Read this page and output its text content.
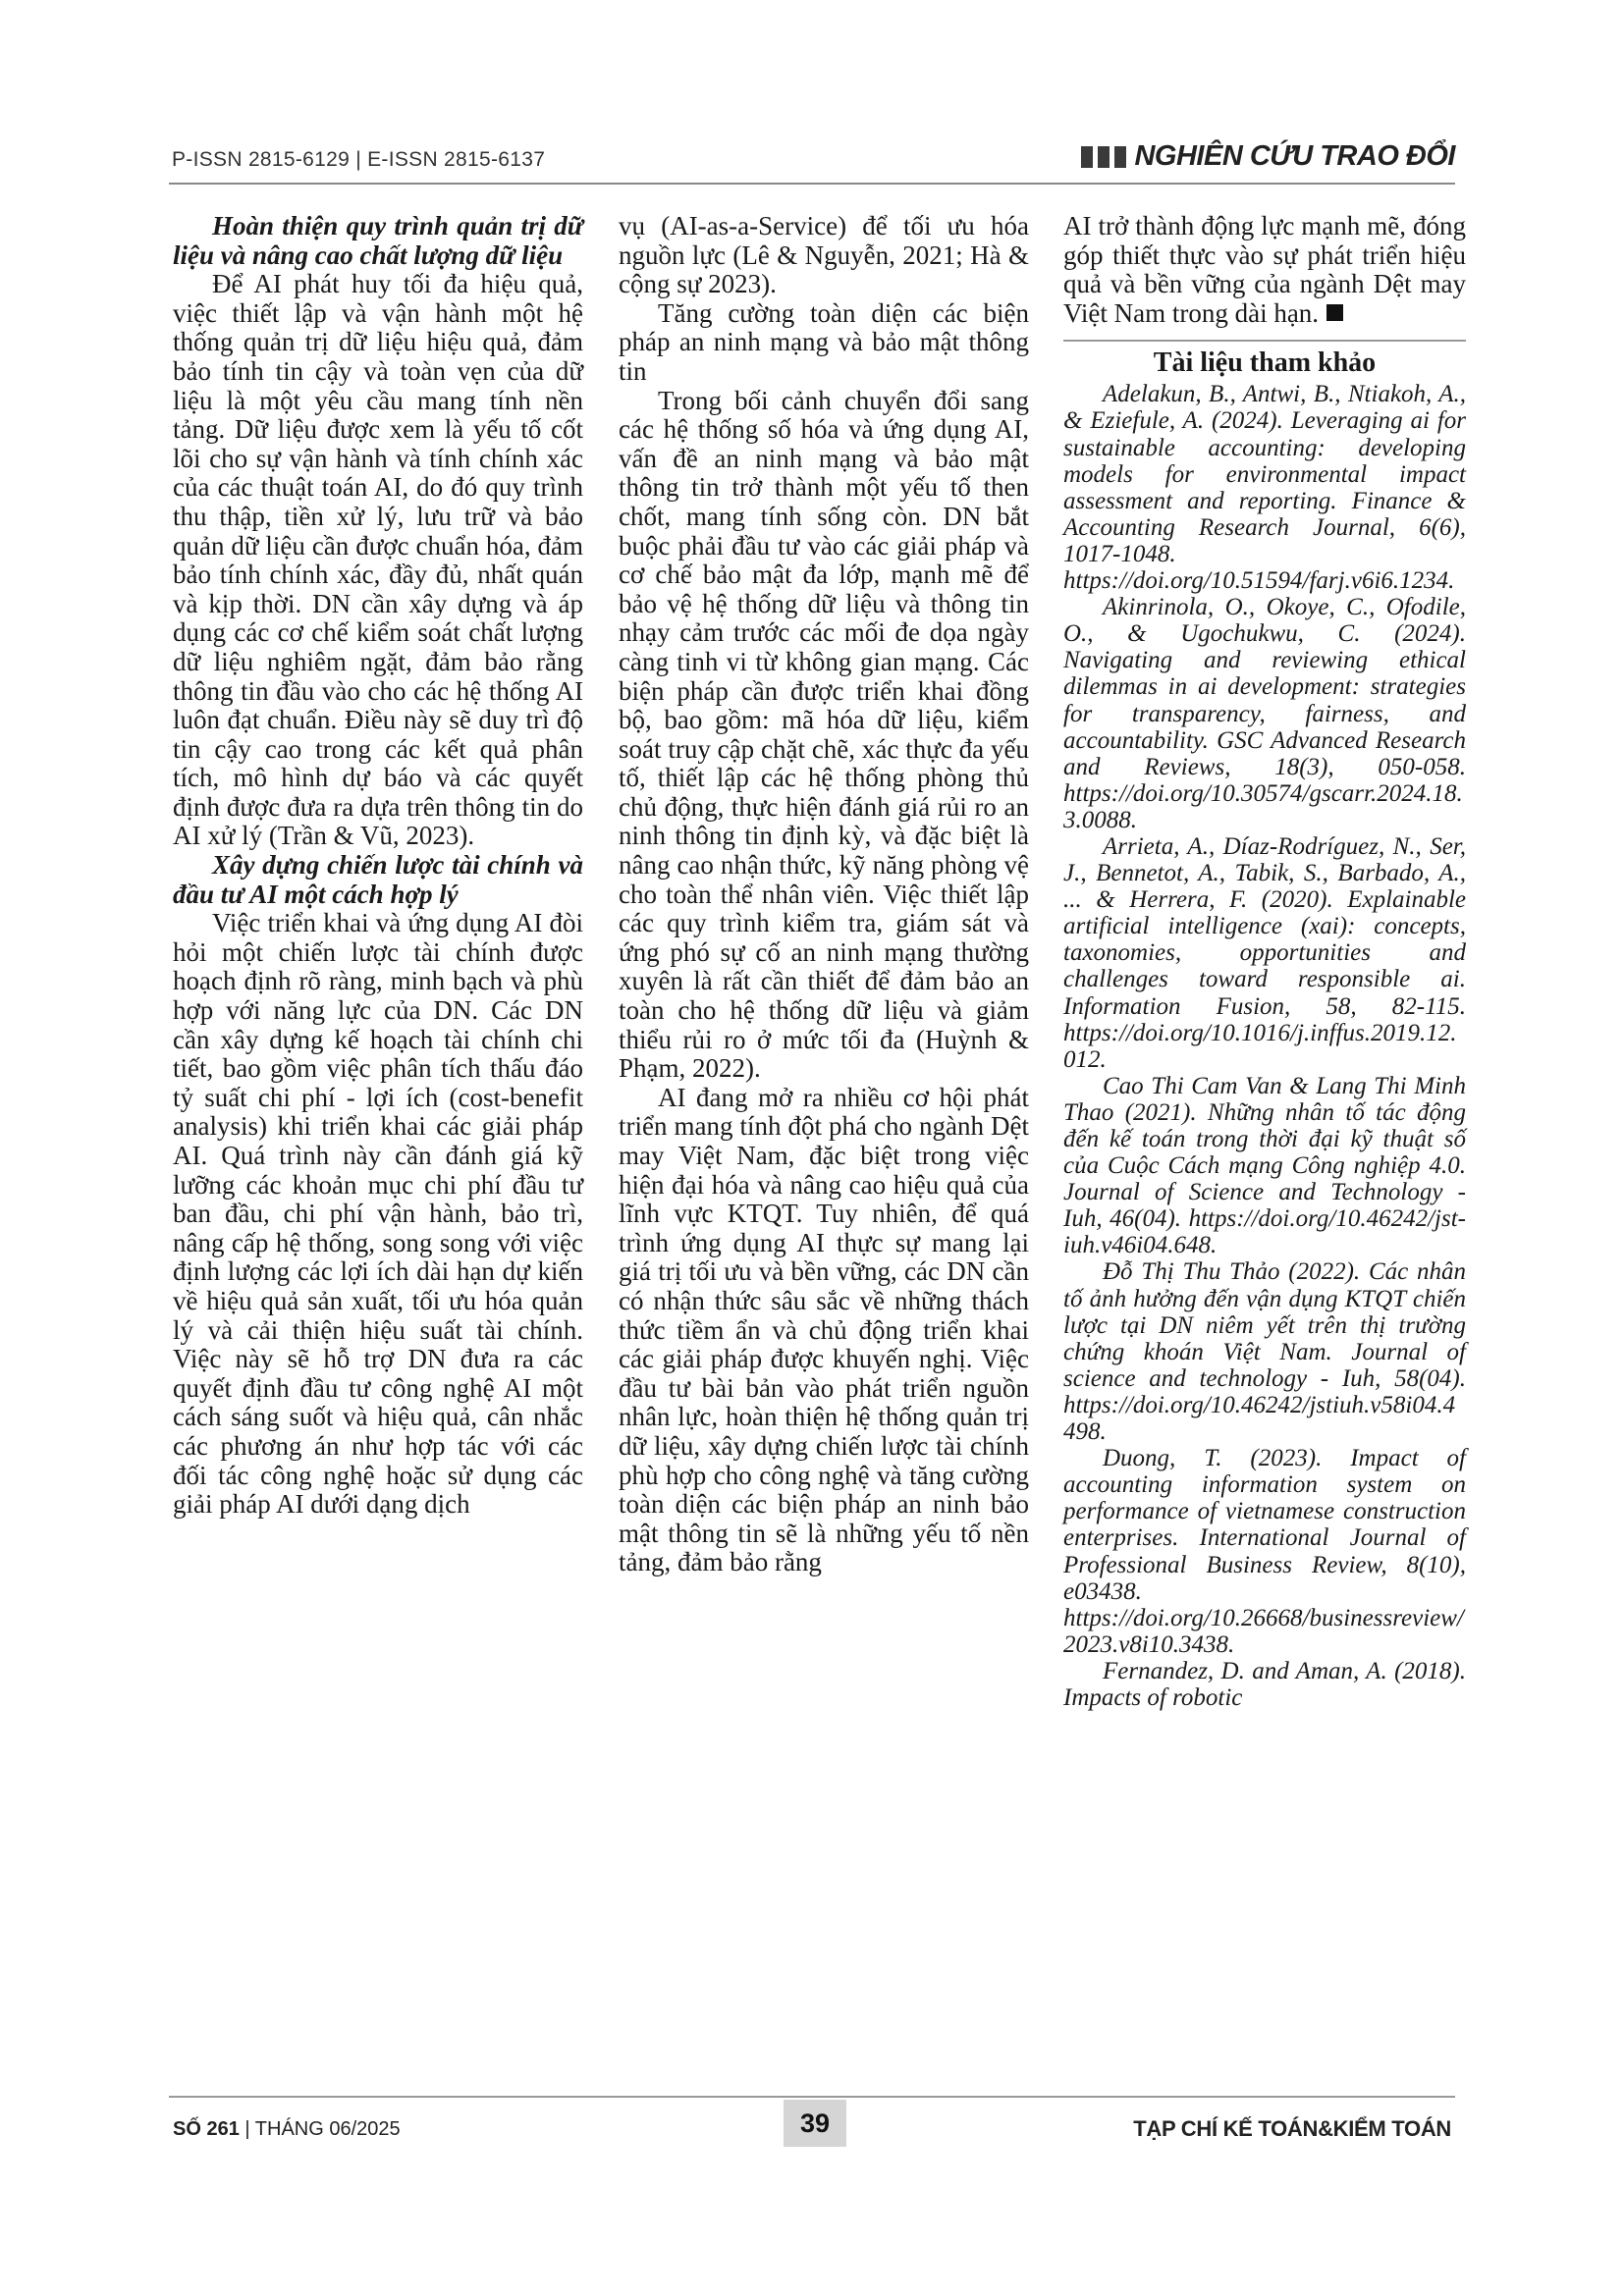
P-ISSN 2815-6129 | E-ISSN 2815-6137	NGHIÊN CỨU TRAO ĐỔI
Hoàn thiện quy trình quản trị dữ liệu và nâng cao chất lượng dữ liệu

Để AI phát huy tối đa hiệu quả, việc thiết lập và vận hành một hệ thống quản trị dữ liệu hiệu quả, đảm bảo tính tin cậy và toàn vẹn của dữ liệu là một yêu cầu mang tính nền tảng. Dữ liệu được xem là yếu tố cốt lõi cho sự vận hành và tính chính xác của các thuật toán AI, do đó quy trình thu thập, tiền xử lý, lưu trữ và bảo quản dữ liệu cần được chuẩn hóa, đảm bảo tính chính xác, đầy đủ, nhất quán và kịp thời. DN cần xây dựng và áp dụng các cơ chế kiểm soát chất lượng dữ liệu nghiêm ngặt, đảm bảo rằng thông tin đầu vào cho các hệ thống AI luôn đạt chuẩn. Điều này sẽ duy trì độ tin cậy cao trong các kết quả phân tích, mô hình dự báo và các quyết định được đưa ra dựa trên thông tin do AI xử lý (Trần & Vũ, 2023).

Xây dựng chiến lược tài chính và đầu tư AI một cách hợp lý

Việc triển khai và ứng dụng AI đòi hỏi một chiến lược tài chính được hoạch định rõ ràng, minh bạch và phù hợp với năng lực của DN. Các DN cần xây dựng kế hoạch tài chính chi tiết, bao gồm việc phân tích thấu đáo tỷ suất chi phí - lợi ích (cost-benefit analysis) khi triển khai các giải pháp AI. Quá trình này cần đánh giá kỹ lưỡng các khoản mục chi phí đầu tư ban đầu, chi phí vận hành, bảo trì, nâng cấp hệ thống, song song với việc định lượng các lợi ích dài hạn dự kiến về hiệu quả sản xuất, tối ưu hóa quản lý và cải thiện hiệu suất tài chính. Việc này sẽ hỗ trợ DN đưa ra các quyết định đầu tư công nghệ AI một cách sáng suốt và hiệu quả, cân nhắc các phương án như hợp tác với các đối tác công nghệ hoặc sử dụng các giải pháp AI dưới dạng dịch

vụ (AI-as-a-Service) để tối ưu hóa nguồn lực (Lê & Nguyễn, 2021; Hà & cộng sự 2023).

Tăng cường toàn diện các biện pháp an ninh mạng và bảo mật thông tin

Trong bối cảnh chuyển đổi sang các hệ thống số hóa và ứng dụng AI, vấn đề an ninh mạng và bảo mật thông tin trở thành một yếu tố then chốt, mang tính sống còn. DN bắt buộc phải đầu tư vào các giải pháp và cơ chế bảo mật đa lớp, mạnh mẽ để bảo vệ hệ thống dữ liệu và thông tin nhạy cảm trước các mối đe dọa ngày càng tinh vi từ không gian mạng. Các biện pháp cần được triển khai đồng bộ, bao gồm: mã hóa dữ liệu, kiểm soát truy cập chặt chẽ, xác thực đa yếu tố, thiết lập các hệ thống phòng thủ chủ động, thực hiện đánh giá rủi ro an ninh thông tin định kỳ, và đặc biệt là nâng cao nhận thức, kỹ năng phòng vệ cho toàn thể nhân viên. Việc thiết lập các quy trình kiểm tra, giám sát và ứng phó sự cố an ninh mạng thường xuyên là rất cần thiết để đảm bảo an toàn cho hệ thống dữ liệu và giảm thiểu rủi ro ở mức tối đa (Huỳnh & Phạm, 2022).

AI đang mở ra nhiều cơ hội phát triển mang tính đột phá cho ngành Dệt may Việt Nam, đặc biệt trong việc hiện đại hóa và nâng cao hiệu quả của lĩnh vực KTQT. Tuy nhiên, để quá trình ứng dụng AI thực sự mang lại giá trị tối ưu và bền vững, các DN cần có nhận thức sâu sắc về những thách thức tiềm ẩn và chủ động triển khai các giải pháp được khuyến nghị. Việc đầu tư bài bản vào phát triển nguồn nhân lực, hoàn thiện hệ thống quản trị dữ liệu, xây dựng chiến lược tài chính phù hợp cho công nghệ và tăng cường toàn diện các biện pháp an ninh bảo mật thông tin sẽ là những yếu tố nền tảng, đảm bảo rằng

AI trở thành động lực mạnh mẽ, đóng góp thiết thực vào sự phát triển hiệu quả và bền vững của ngành Dệt may Việt Nam trong dài hạn.

Tài liệu tham khảo

Adelakun, B., Antwi, B., Ntiakoh, A., & Eziefule, A. (2024). Leveraging ai for sustainable accounting: developing models for environmental impact assessment and reporting. Finance & Accounting Research Journal, 6(6), 1017-1048. https://doi.org/10.51594/farj.v6i6.1234.

Akinrinola, O., Okoye, C., Ofodile, O., & Ugochukwu, C. (2024). Navigating and reviewing ethical dilemmas in ai development: strategies for transparency, fairness, and accountability. GSC Advanced Research and Reviews, 18(3), 050-058. https://doi.org/10.30574/gscarr.2024.18.3.0088.

Arrieta, A., Díaz-Rodríguez, N., Ser, J., Bennetot, A., Tabik, S., Barbado, A., ... & Herrera, F. (2020). Explainable artificial intelligence (xai): concepts, taxonomies, opportunities and challenges toward responsible ai. Information Fusion, 58, 82-115. https://doi.org/10.1016/j.inffus.2019.12.012.

Cao Thi Cam Van & Lang Thi Minh Thao (2021). Những nhân tố tác động đến kế toán trong thời đại kỹ thuật số của Cuộc Cách mạng Công nghiệp 4.0. Journal of Science and Technology - Iuh, 46(04). https://doi.org/10.46242/jst-iuh.v46i04.648.

Đỗ Thị Thu Thảo (2022). Các nhân tố ảnh hưởng đến vận dụng KTQT chiến lược tại DN niêm yết trên thị trường chứng khoán Việt Nam. Journal of science and technology - Iuh, 58(04). https://doi.org/10.46242/jstiuh.v58i04.4498.

Duong, T. (2023). Impact of accounting information system on performance of vietnamese construction enterprises. International Journal of Professional Business Review, 8(10), e03438. https://doi.org/10.26668/businessreview/2023.v8i10.3438.

Fernandez, D. and Aman, A. (2018). Impacts of robotic

SỐ 261 | THÁNG 06/2025	39	TẠP CHÍ KẾ TOÁN&KIỂM TOÁN
